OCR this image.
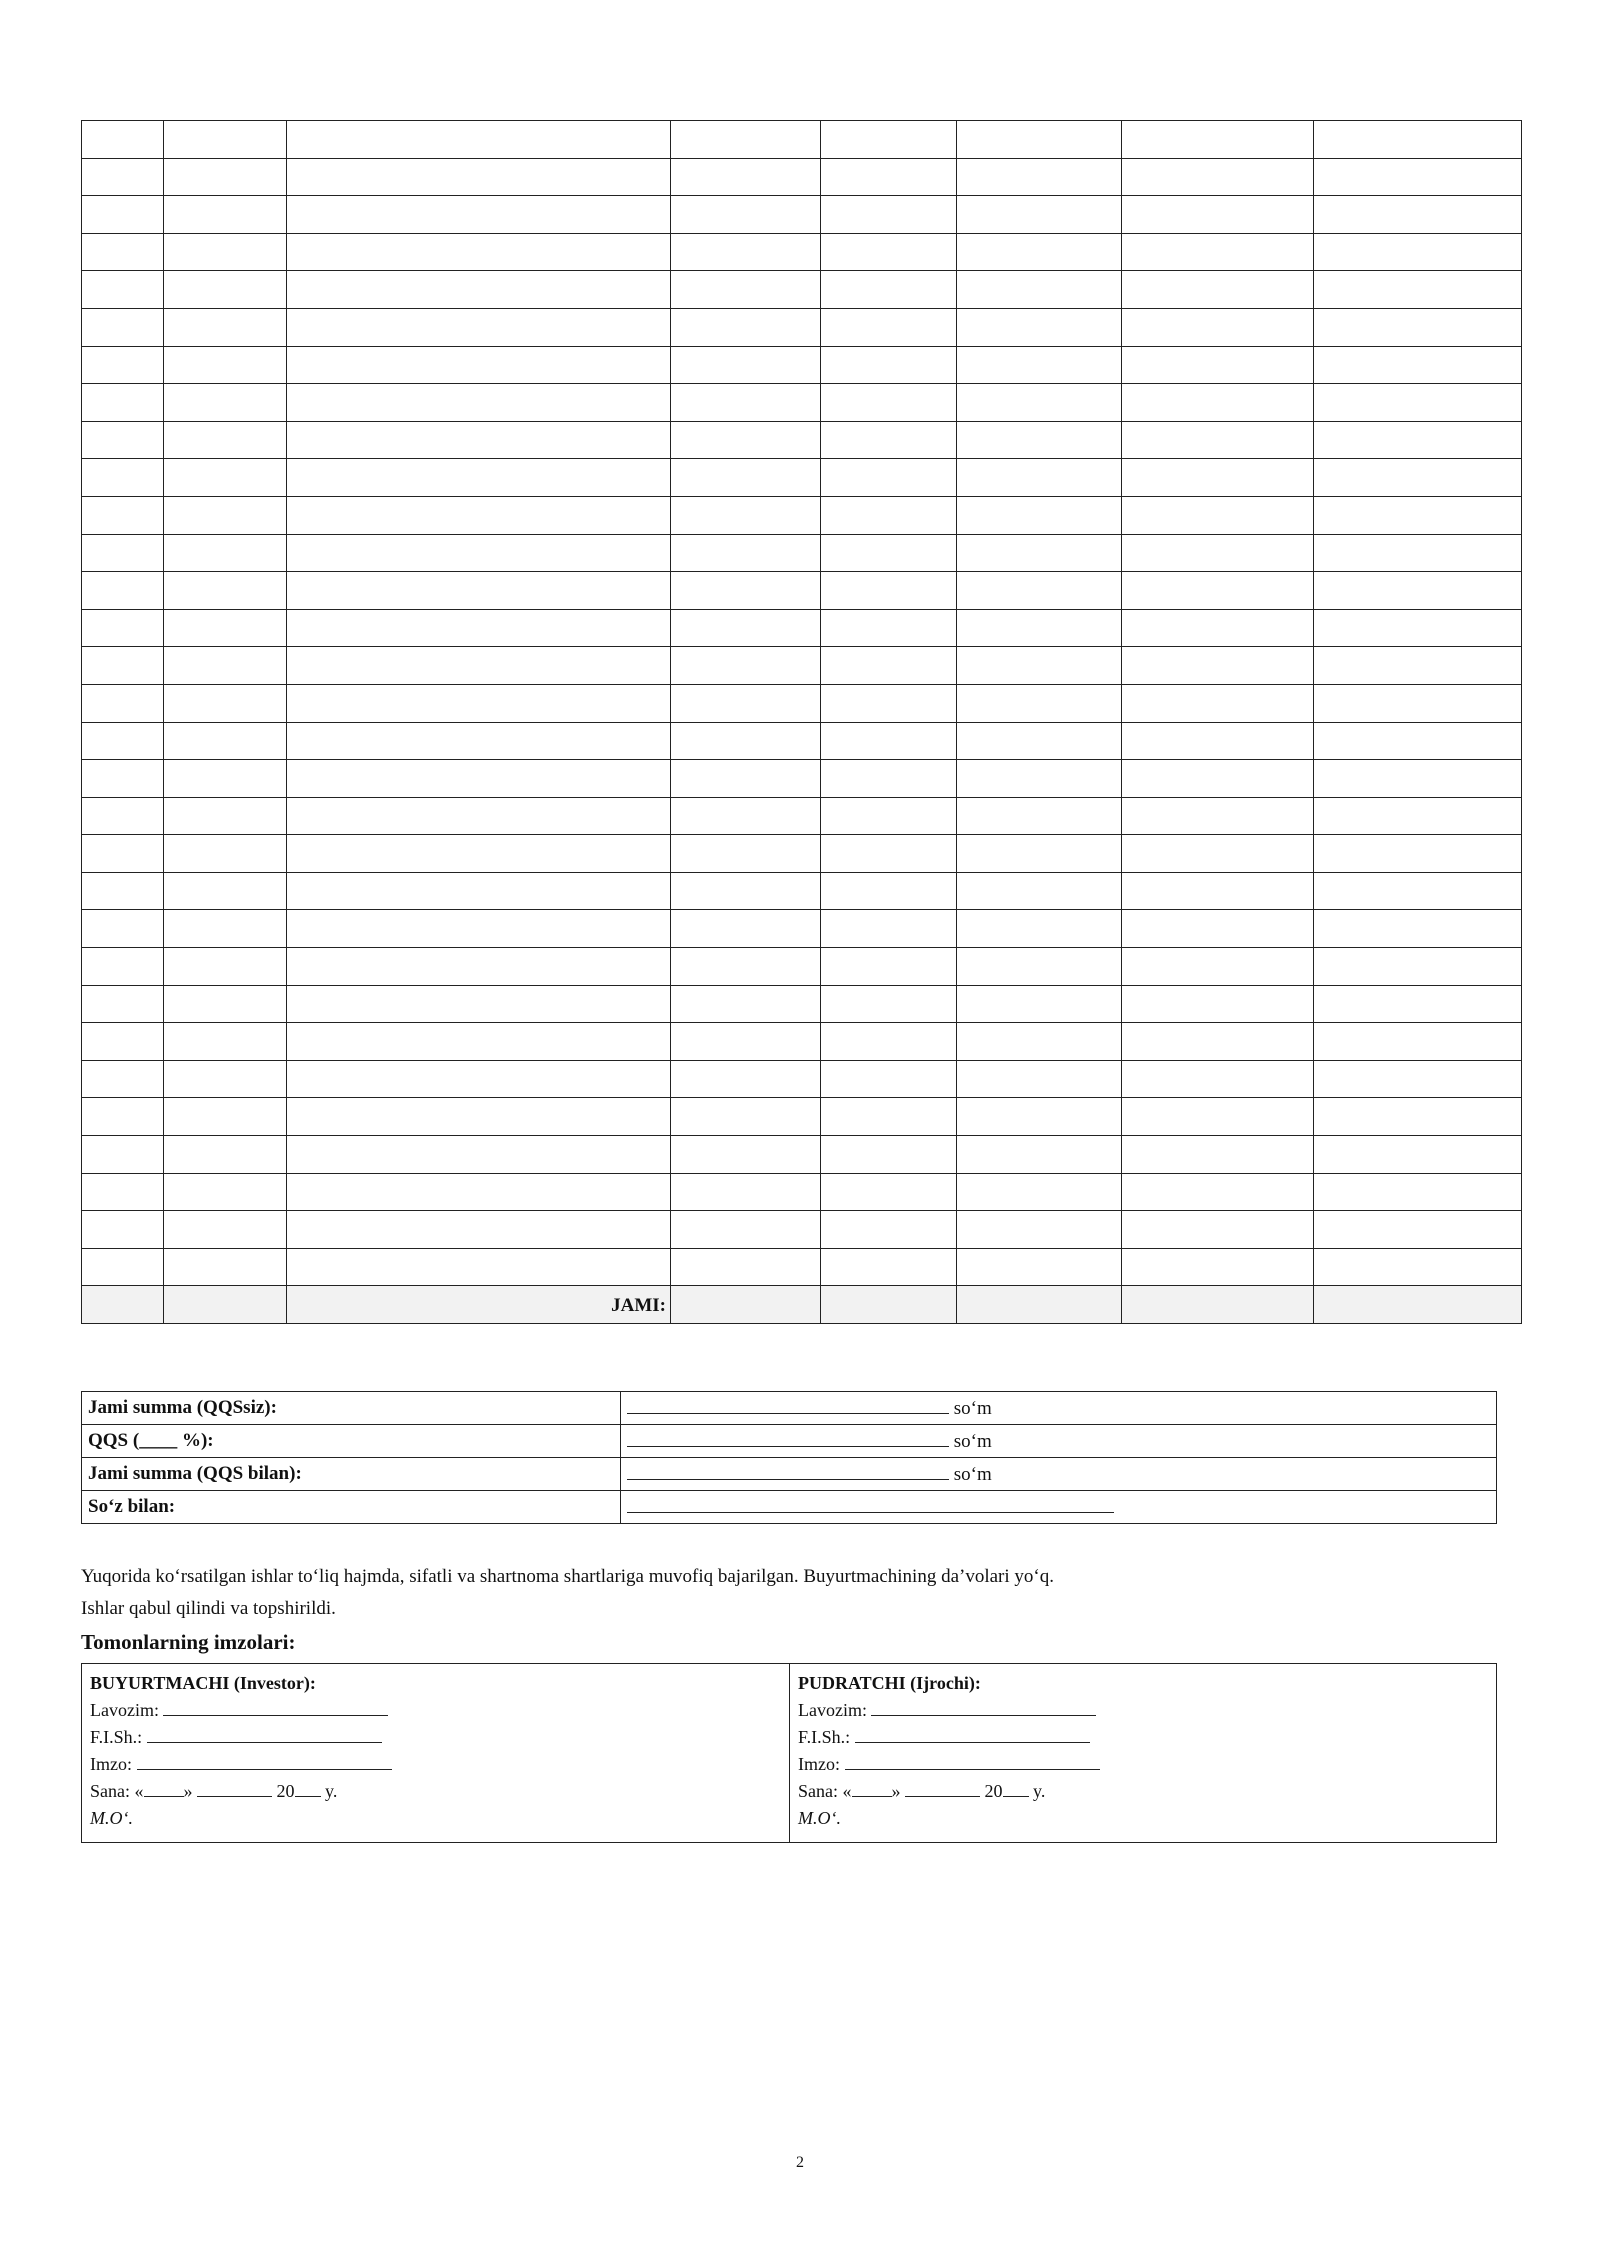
		JAMI:					
Jami summa (QQSsiz):	so‘m
QQS (____ %):	so‘m
Jami summa (QQS bilan):	so‘m
So‘z bilan:	
Yuqorida ko‘rsatilgan ishlar to‘liq hajmda, sifatli va shartnoma shartlariga muvofiq bajarilgan. Buyurtmachining da’volari yo‘q.
Ishlar qabul qilindi va topshirildi.
Tomonlarning imzolari:
BUYURTMACHI (Investor):
Lavozim:
F.I.Sh.:
Imzo:
Sana: « »	20 y.
M.O‘.

PUDRATCHI (Ijrochi):
Lavozim:
F.I.Sh.:
Imzo:
Sana: « »	20 y.
M.O‘.
2
